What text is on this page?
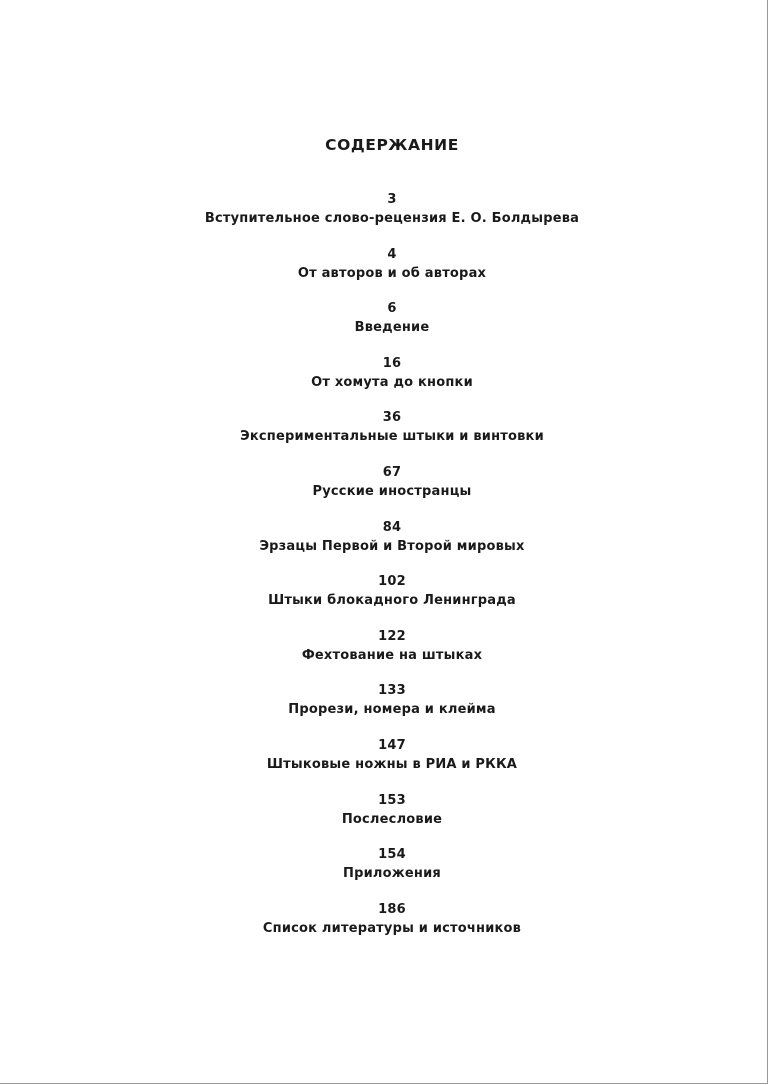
СОДЕРЖАНИЕ
3
Вступительное слово-рецензия Е. О. Болдырева
4
От авторов и об авторах
6
Введение
16
От хомута до кнопки
36
Экспериментальные штыки и винтовки
67
Русские иностранцы
84
Эрзацы Первой и Второй мировых
102
Штыки блокадного Ленинграда
122
Фехтование на штыках
133
Прорези, номера и клейма
147
Штыковые ножны в РИА и РККА
153
Послесловие
154
Приложения
186
Список литературы и источников
